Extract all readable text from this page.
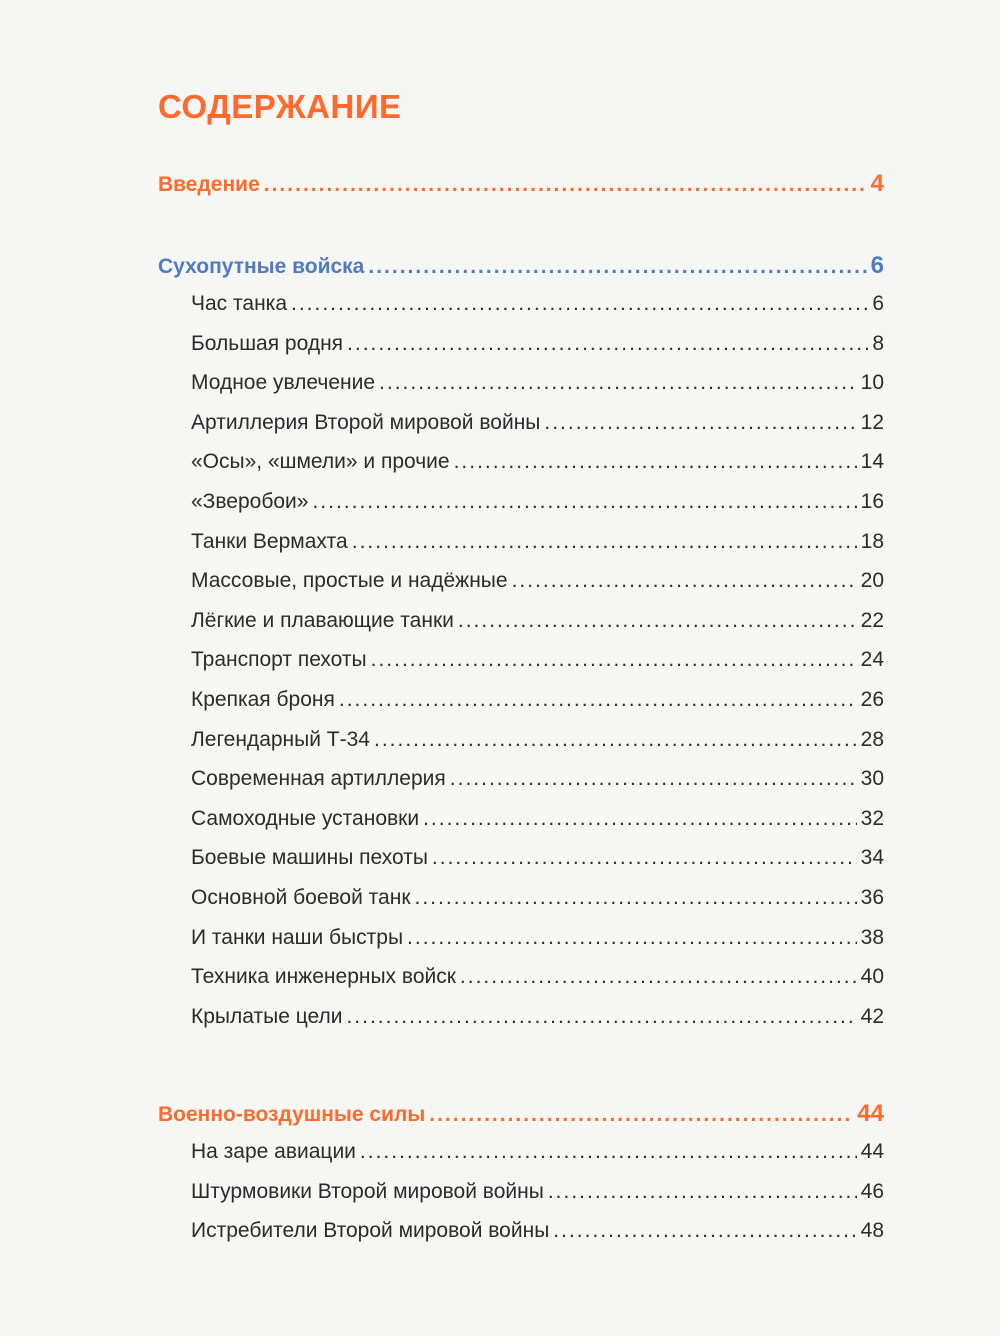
СОДЕРЖАНИЕ
Введение .....	4
Сухопутные войска .....	6
Час танка .....	6
Большая родня .....	8
Модное увлечение .....	10
Артиллерия Второй мировой войны .....	12
«Осы», «шмели» и прочие .....	14
«Зверобои» .....	16
Танки Вермахта .....	18
Массовые, простые и надёжные .....	20
Лёгкие и плавающие танки .....	22
Транспорт пехоты .....	24
Крепкая броня .....	26
Легендарный Т-34 .....	28
Современная артиллерия .....	30
Самоходные установки .....	32
Боевые машины пехоты .....	34
Основной боевой танк .....	36
И танки наши быстры .....	38
Техника инженерных войск .....	40
Крылатые цели .....	42
Военно-воздушные силы .....	44
На заре авиации .....	44
Штурмовики Второй мировой войны .....	46
Истребители Второй мировой войны .....	48
